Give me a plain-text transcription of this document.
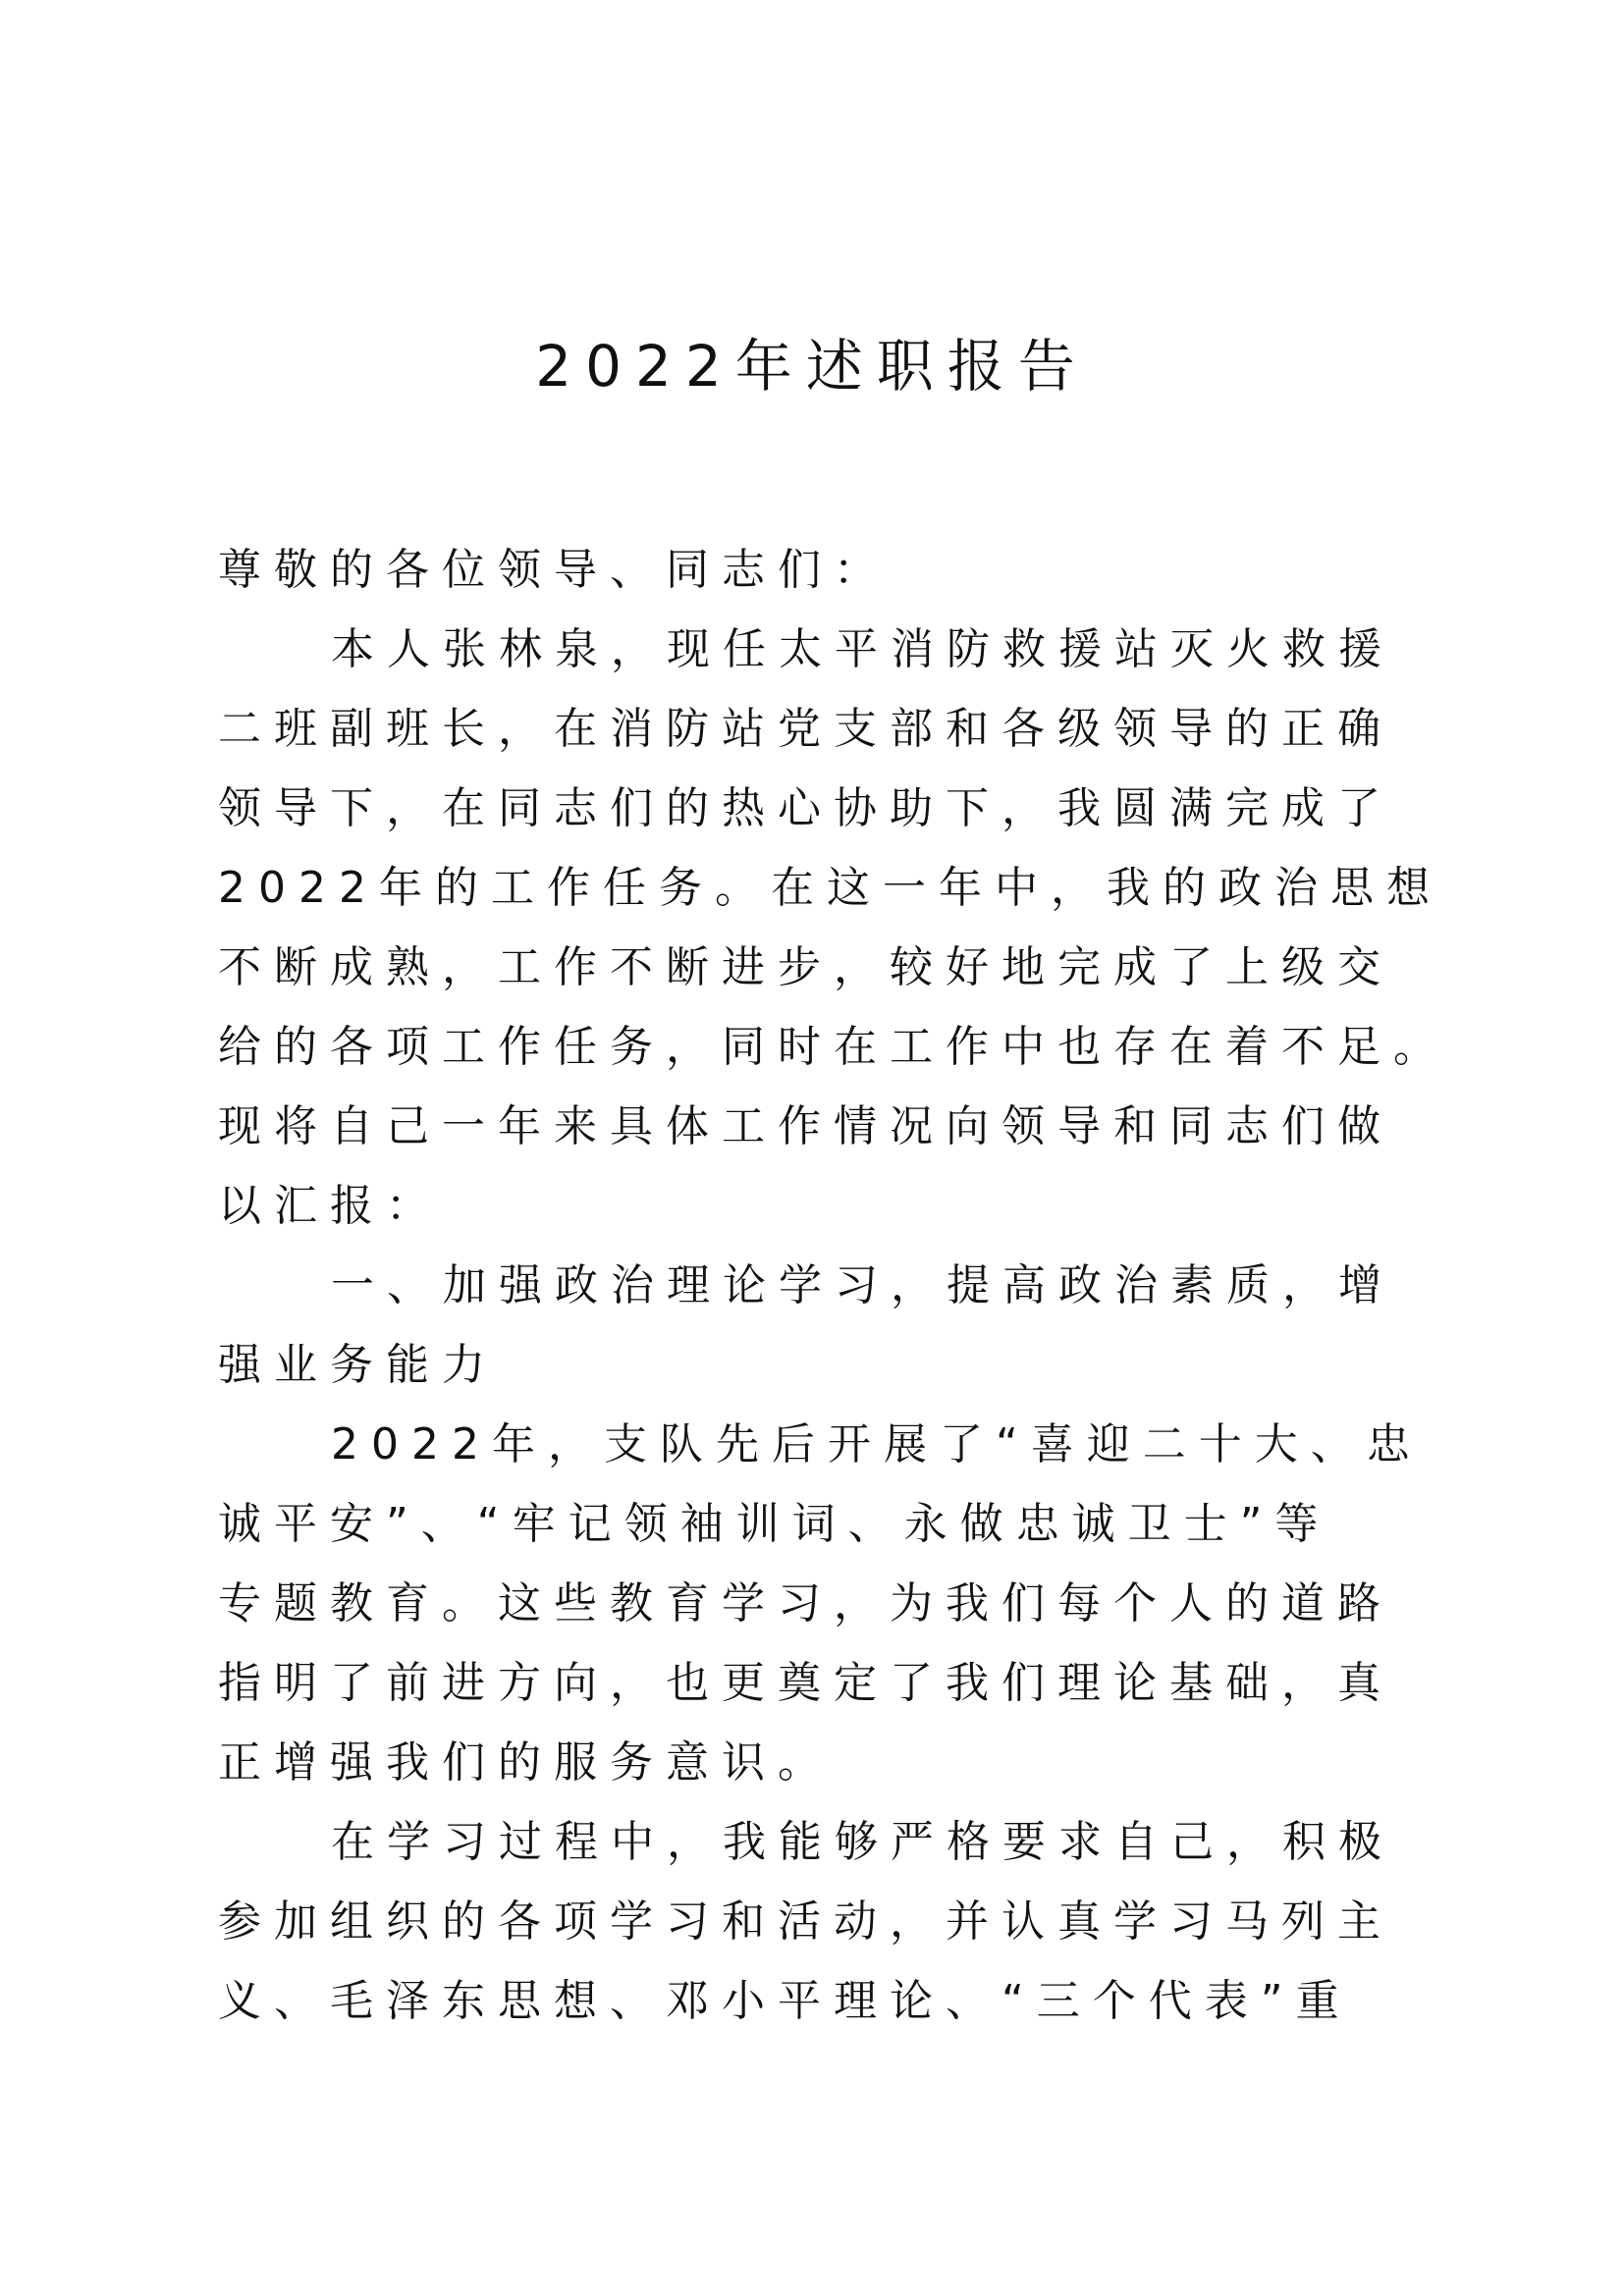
2022年述职报告
尊敬的各位领导、同志们：
本人张林泉，现任太平消防救援站灭火救援
二班副班长，在消防站党支部和各级领导的正确
领导下，在同志们的热心协助下，我圆满完成了
2022年的工作任务。在这一年中，我的政治思想
不断成熟，工作不断进步，较好地完成了上级交
给的各项工作任务，同时在工作中也存在着不足。
现将自己一年来具体工作情况向领导和同志们做
以汇报：
一、加强政治理论学习，提高政治素质，增
强业务能力
2022年，支队先后开展了“喜迎二十大、忠
诚平安”、“牢记领袖训词、永做忠诚卫士”等
专题教育。这些教育学习，为我们每个人的道路
指明了前进方向，也更奠定了我们理论基础，真
正增强我们的服务意识。
在学习过程中，我能够严格要求自己，积极
参加组织的各项学习和活动，并认真学习马列主
义、毛泽东思想、邓小平理论、“三个代表”重
